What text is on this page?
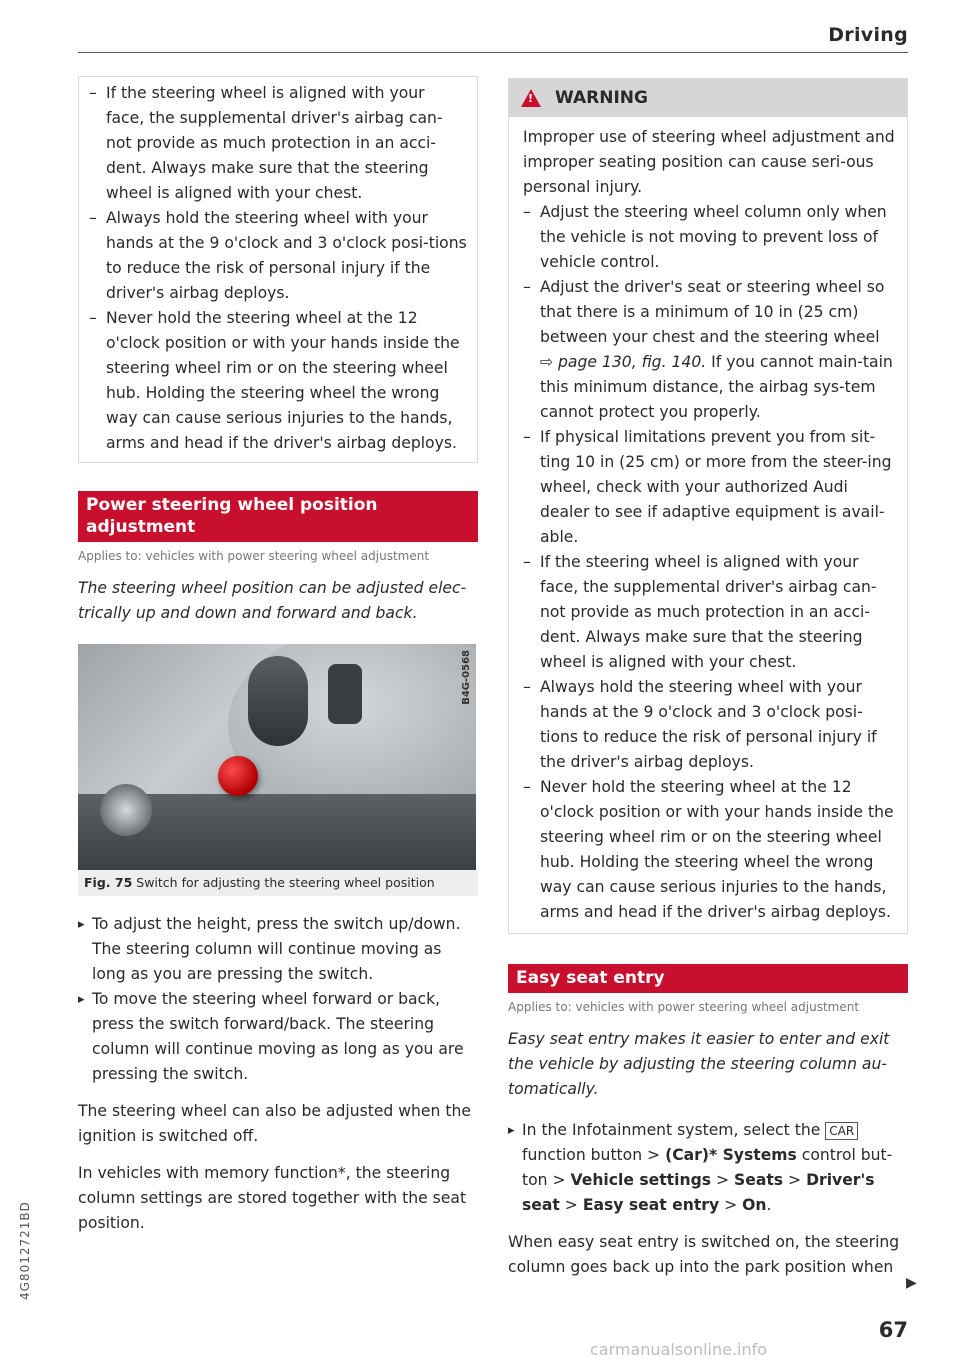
Driving
4G8012721BD
– If the steering wheel is aligned with your face, the supplemental driver's airbag can-not provide as much protection in an acci-dent. Always make sure that the steering wheel is aligned with your chest.
– Always hold the steering wheel with your hands at the 9 o'clock and 3 o'clock posi-tions to reduce the risk of personal injury if the driver's airbag deploys.
– Never hold the steering wheel at the 12 o'clock position or with your hands inside the steering wheel rim or on the steering wheel hub. Holding the steering wheel the wrong way can cause serious injuries to the hands, arms and head if the driver's airbag deploys.
Power steering wheel position adjustment
Applies to: vehicles with power steering wheel adjustment
The steering wheel position can be adjusted elec-trically up and down and forward and back.
B4G-0568
Fig. 75 Switch for adjusting the steering wheel position
▸ To adjust the height, press the switch up/down. The steering column will continue moving as long as you are pressing the switch.
▸ To move the steering wheel forward or back, press the switch forward/back. The steering column will continue moving as long as you are pressing the switch.

The steering wheel can also be adjusted when the ignition is switched off.

In vehicles with memory function*, the steering column settings are stored together with the seat position.

! WARNING

Improper use of steering wheel adjustment and improper seating position can cause seri-ous personal injury.

– Adjust the steering wheel column only when the vehicle is not moving to prevent loss of vehicle control.
– Adjust the driver's seat or steering wheel so that there is a minimum of 10 in (25 cm) between your chest and the steering wheel ⇨ page 130, fig. 140. If you cannot main-tain this minimum distance, the airbag sys-tem cannot protect you properly.
– If physical limitations prevent you from sit-ting 10 in (25 cm) or more from the steer-ing wheel, check with your authorized Audi dealer to see if adaptive equipment is avail-able.
– If the steering wheel is aligned with your face, the supplemental driver's airbag can-not provide as much protection in an acci-dent. Always make sure that the steering wheel is aligned with your chest.
– Always hold the steering wheel with your hands at the 9 o'clock and 3 o'clock posi-tions to reduce the risk of personal injury if the driver's airbag deploys.
– Never hold the steering wheel at the 12 o'clock position or with your hands inside the steering wheel rim or on the steering wheel hub. Holding the steering wheel the wrong way can cause serious injuries to the hands, arms and head if the driver's airbag deploys.
Easy seat entry
Applies to: vehicles with power steering wheel adjustment
Easy seat entry makes it easier to enter and exit the vehicle by adjusting the steering column au-tomatically.
▸ In the Infotainment system, select the CAR function button > (Car)* Systems control but-ton > Vehicle settings > Seats > Driver's seat > Easy seat entry > On.

When easy seat entry is switched on, the steering column goes back up into the park position when

▶
67
carmanualsonline.info
